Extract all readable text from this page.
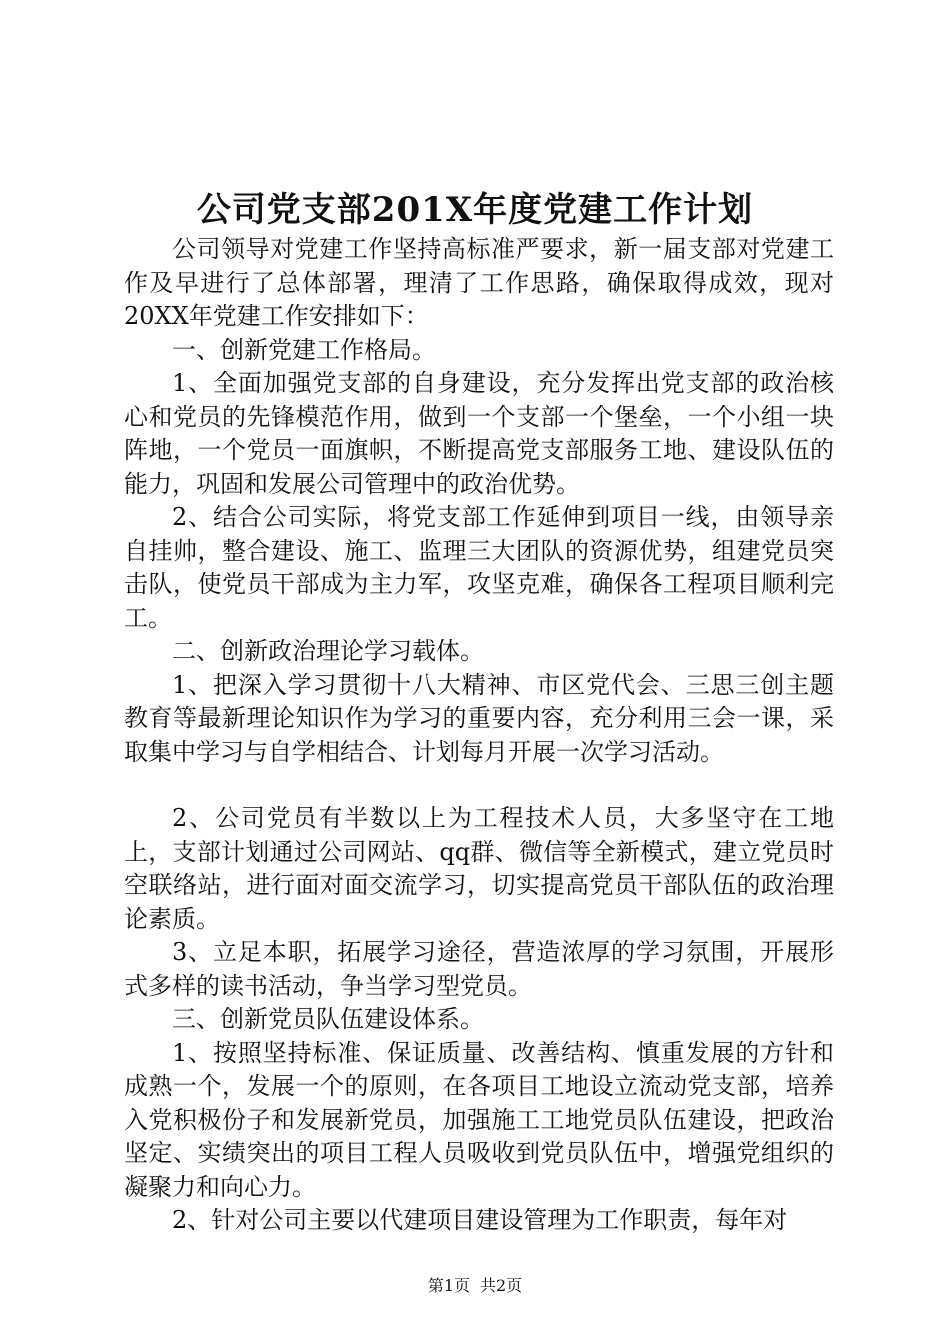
公司党支部201X年度党建工作计划

公司领导对党建工作坚持高标准严要求，新一届支部对党建工作及早进行了总体部署，理清了工作思路，确保取得成效，现对20XX年党建工作安排如下：

一、创新党建工作格局。

1、全面加强党支部的自身建设，充分发挥出党支部的政治核心和党员的先锋模范作用，做到一个支部一个堡垒，一个小组一块阵地，一个党员一面旗帜，不断提高党支部服务工地、建设队伍的能力，巩固和发展公司管理中的政治优势。

2、结合公司实际，将党支部工作延伸到项目一线，由领导亲自挂帅，整合建设、施工、监理三大团队的资源优势，组建党员突击队，使党员干部成为主力军，攻坚克难，确保各工程项目顺利完工。

二、创新政治理论学习载体。

1、把深入学习贯彻十八大精神、市区党代会、三思三创主题教育等最新理论知识作为学习的重要内容，充分利用三会一课，采取集中学习与自学相结合、计划每月开展一次学习活动。

2、公司党员有半数以上为工程技术人员，大多坚守在工地上，支部计划通过公司网站、qq群、微信等全新模式，建立党员时空联络站，进行面对面交流学习，切实提高党员干部队伍的政治理论素质。

3、立足本职，拓展学习途径，营造浓厚的学习氛围，开展形式多样的读书活动，争当学习型党员。

三、创新党员队伍建设体系。

1、按照坚持标准、保证质量、改善结构、慎重发展的方针和成熟一个，发展一个的原则，在各项目工地设立流动党支部，培养入党积极份子和发展新党员，加强施工工地党员队伍建设，把政治坚定、实绩突出的项目工程人员吸收到党员队伍中，增强党组织的凝聚力和向心力。

2、针对公司主要以代建项目建设管理为工作职责，每年对

第1页 共2页
